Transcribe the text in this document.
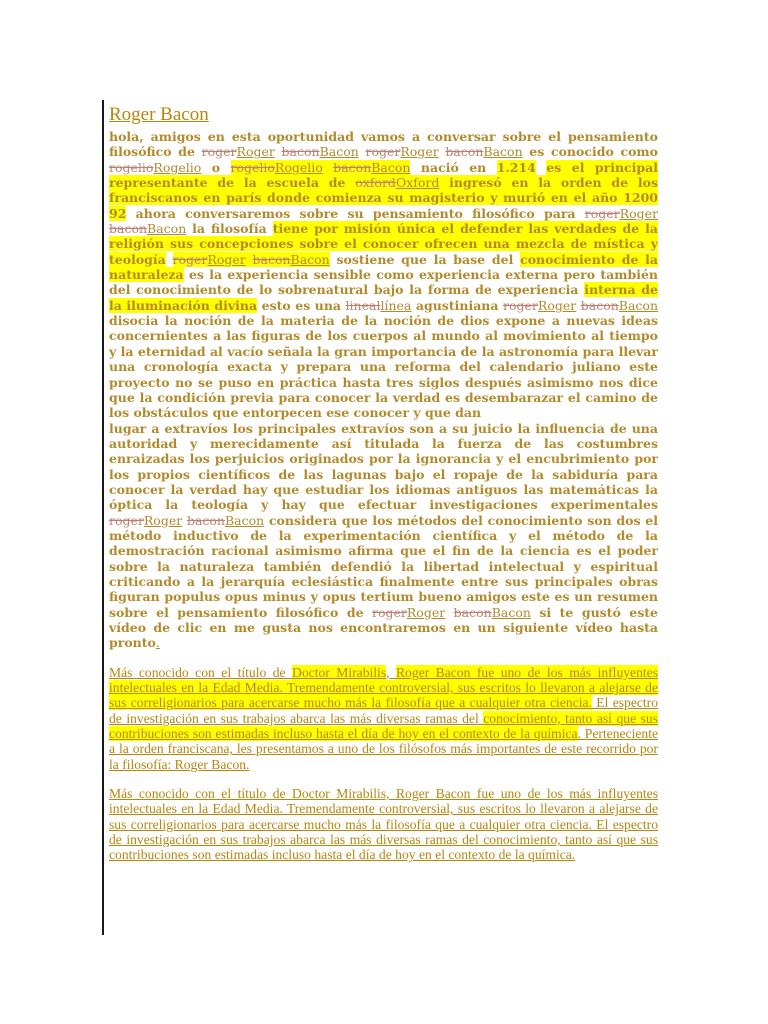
Roger Bacon

hola, amigos en esta oportunidad vamos a conversar sobre el pensamiento filosófico de rogerRoger baconBacon rogerRoger baconBacon es conocido como rogelioRogelio o rogelioRogelio baconBacon nació en 1.214 es el principal representante de la escuela de oxfordOxford ingresó en la orden de los franciscanos en parís donde comienza su magisterio y murió en el año 1200 92 ahora conversaremos sobre su pensamiento filosófico para rogerRoger baconBacon la filosofía tiene por misión única el defender las verdades de la religión sus concepciones sobre el conocer ofrecen una mezcla de mística y teología rogerRoger baconBacon sostiene que la base del conocimiento de la naturaleza es la experiencia sensible como experiencia externa pero también del conocimiento de lo sobrenatural bajo la forma de experiencia interna de la iluminación divina esto es una lineallínea agustiniana rogerRoger baconBacon disocia la noción de la materia de la noción de dios expone a nuevas ideas concernientes a las figuras de los cuerpos al mundo al movimiento al tiempo y la eternidad al vacío señala la gran importancia de la astronomía para llevar una cronología exacta y prepara una reforma del calendario juliano este proyecto no se puso en práctica hasta tres siglos después asimismo nos dice que la condición previa para conocer la verdad es desembarazar el camino de los obstáculos que entorpecen ese conocer y que dan
lugar a extravíos los principales extravíos son a su juicio la influencia de una autoridad y merecidamente así titulada la fuerza de las costumbres enraizadas los perjuicios originados por la ignorancia y el encubrimiento por los propios científicos de las lagunas bajo el ropaje de la sabiduría para conocer la verdad hay que estudiar los idiomas antiguos las matemáticas la óptica la teología y hay que efectuar investigaciones experimentales rogerRoger baconBacon considera que los métodos del conocimiento son dos el método inductivo de la experimentación científica y el método de la demostración racional asimismo afirma que el fin de la ciencia es el poder sobre la naturaleza también defendió la libertad intelectual y espiritual criticando a la jerarquía eclesiástica finalmente entre sus principales obras figuran populus opus minus y opus tertium bueno amigos este es un resumen sobre el pensamiento filosófico de rogerRoger baconBacon si te gustó este vídeo de clic en me gusta nos encontraremos en un siguiente vídeo hasta pronto.

Más conocido con el título de Doctor Mirabilis, Roger Bacon fue uno de los más influyentes intelectuales en la Edad Media. Tremendamente controversial, sus escritos lo llevaron a alejarse de sus correligionarios para acercarse mucho más la filosofía que a cualquier otra ciencia. El espectro de investigación en sus trabajos abarca las más diversas ramas del conocimiento, tanto así que sus contribuciones son estimadas incluso hasta el día de hoy en el contexto de la química. Perteneciente a la orden franciscana, les presentamos a uno de los filósofos más importantes de este recorrido por la filosofía: Roger Bacon.

Más conocido con el título de Doctor Mirabilis, Roger Bacon fue uno de los más influyentes intelectuales en la Edad Media. Tremendamente controversial, sus escritos lo llevaron a alejarse de sus correligionarios para acercarse mucho más la filosofía que a cualquier otra ciencia. El espectro de investigación en sus trabajos abarca las más diversas ramas del conocimiento, tanto así que sus contribuciones son estimadas incluso hasta el día de hoy en el contexto de la química.
